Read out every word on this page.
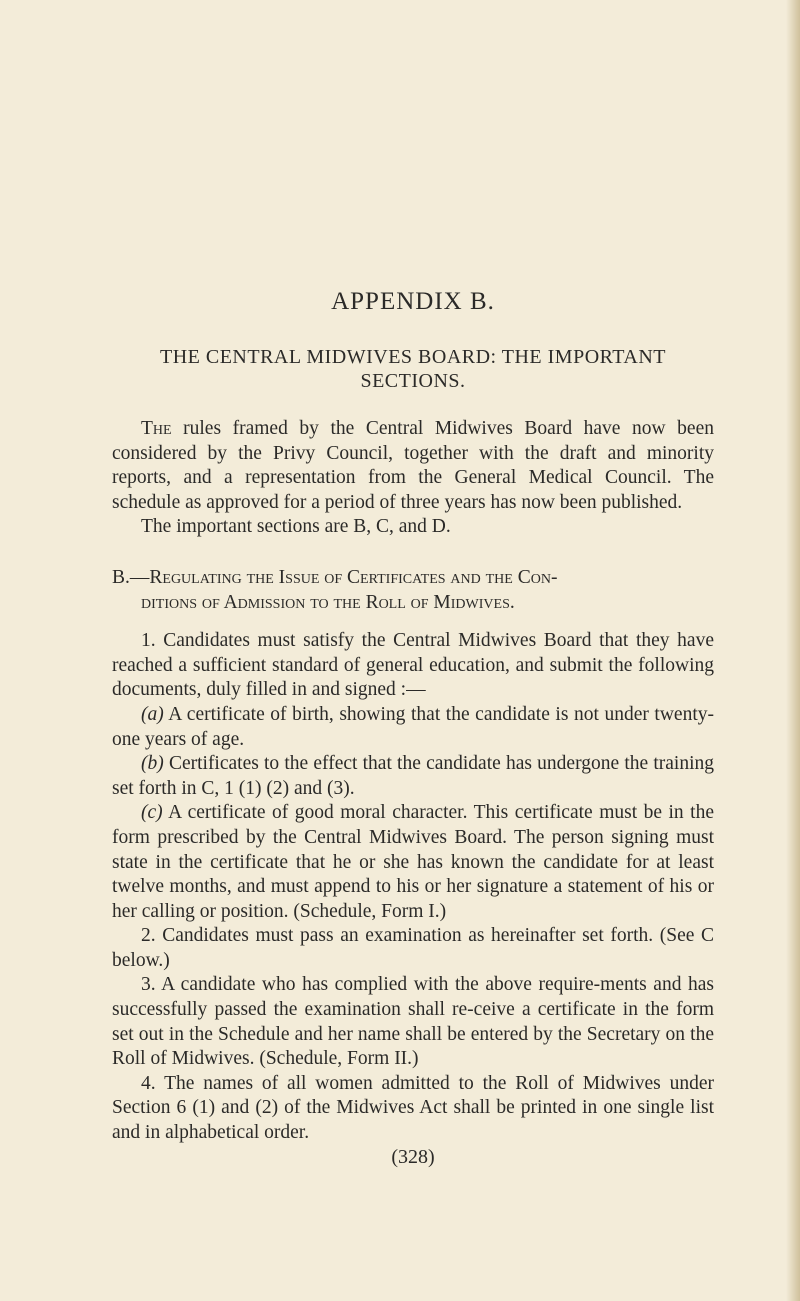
APPENDIX B.
THE CENTRAL MIDWIVES BOARD: THE IMPORTANT SECTIONS.

The rules framed by the Central Midwives Board have now been considered by the Privy Council, together with the draft and minority reports, and a representation from the General Medical Council. The schedule as approved for a period of three years has now been published.

The important sections are B, C, and D.

B.—Regulating the Issue of Certificates and the Con-
ditions of Admission to the Roll of Midwives.

1. Candidates must satisfy the Central Midwives Board that they have reached a sufficient standard of general education, and submit the following documents, duly filled in and signed :—

(a) A certificate of birth, showing that the candidate is not under twenty-one years of age.

(b) Certificates to the effect that the candidate has undergone the training set forth in C, 1 (1) (2) and (3).

(c) A certificate of good moral character. This certificate must be in the form prescribed by the Central Midwives Board. The person signing must state in the certificate that he or she has known the candidate for at least twelve months, and must append to his or her signature a statement of his or her calling or position. (Schedule, Form I.)

2. Candidates must pass an examination as hereinafter set forth. (See C below.)

3. A candidate who has complied with the above require-ments and has successfully passed the examination shall re-ceive a certificate in the form set out in the Schedule and her name shall be entered by the Secretary on the Roll of Midwives. (Schedule, Form II.)

4. The names of all women admitted to the Roll of Midwives under Section 6 (1) and (2) of the Midwives Act shall be printed in one single list and in alphabetical order.

(328)
